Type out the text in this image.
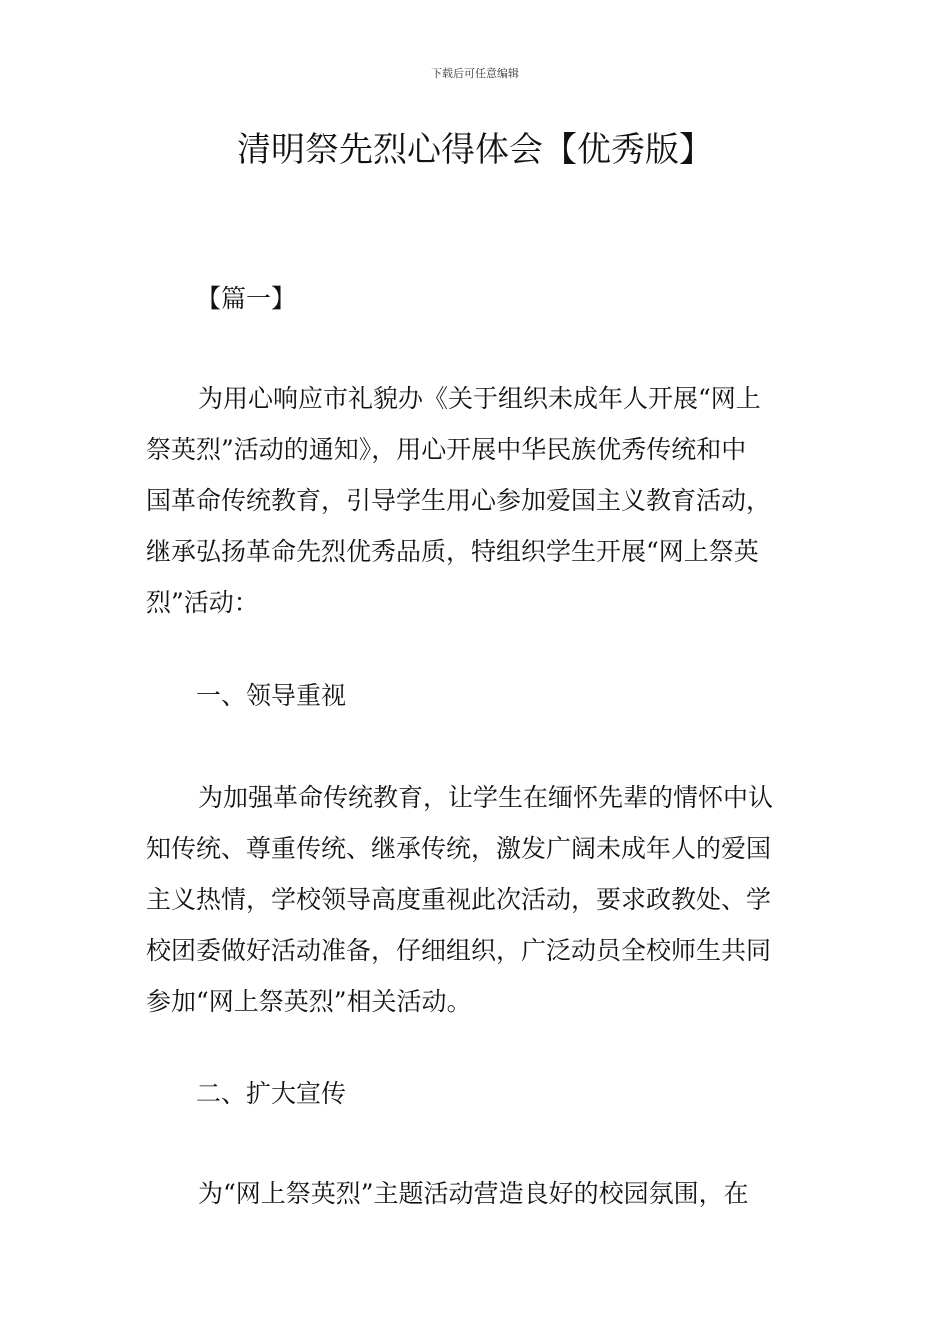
下载后可任意编辑
清明祭先烈心得体会【优秀版】
【篇一】
为用心响应市礼貌办《关于组织未成年人开展“网上
祭英烈”活动的通知》，用心开展中华民族优秀传统和中
国革命传统教育，引导学生用心参加爱国主义教育活动，
继承弘扬革命先烈优秀品质，特组织学生开展“网上祭英
烈”活动：
一、领导重视
为加强革命传统教育，让学生在缅怀先辈的情怀中认
知传统、尊重传统、继承传统，激发广阔未成年人的爱国
主义热情，学校领导高度重视此次活动，要求政教处、学
校团委做好活动准备，仔细组织，广泛动员全校师生共同
参加“网上祭英烈”相关活动。
二、扩大宣传
为“网上祭英烈”主题活动营造良好的校园氛围，在
